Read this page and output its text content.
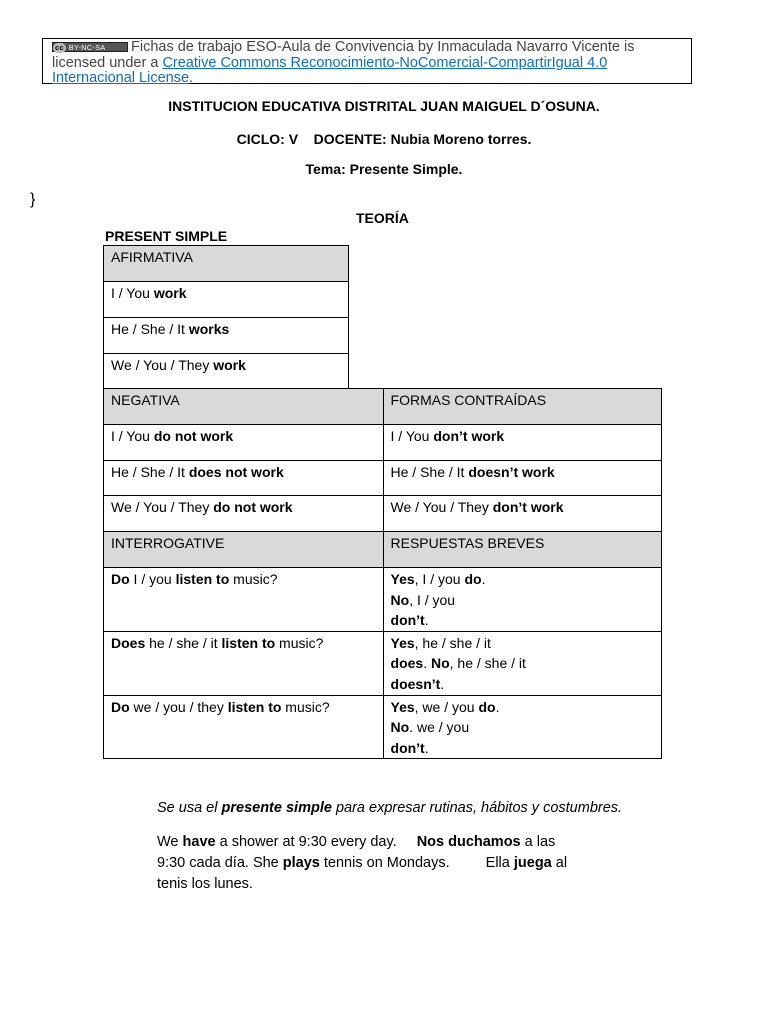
cc BY-NC-SA Fichas de trabajo ESO-Aula de Convivencia by Inmaculada Navarro Vicente is licensed under a Creative Commons Reconocimiento-NoComercial-CompartirIgual 4.0 Internacional License.
INSTITUCION EDUCATIVA DISTRITAL JUAN MAIGUEL D´OSUNA.
CICLO: V    DOCENTE: Nubia Moreno torres.
Tema: Presente Simple.
}
TEORÍA
PRESENT SIMPLE
AFIRMATIVA
I / You work
He / She / It works
We / You / They work
NEGATIVA	FORMAS CONTRAÍDAS
I / You do not work	I / You don’t work
He / She / It does not work	He / She / It doesn’t work
We / You / They do not work	We / You / They don’t work
INTERROGATIVE	RESPUESTAS BREVES
Do I / you listen to music?	Yes, I / you do.
No, I / you
don’t.
Does he / she / it listen to music?	Yes, he / she / it
does. No, he / she / it
doesn’t.
Do we / you / they listen to music?	Yes, we / you do.
No. we / you
don’t.
Se usa el presente simple para expresar rutinas, hábitos y costumbres.
We have a shower at 9:30 every day. Nos duchamos a las 9:30 cada día. She plays tennis on Mondays. Ella juega al tenis los lunes.
